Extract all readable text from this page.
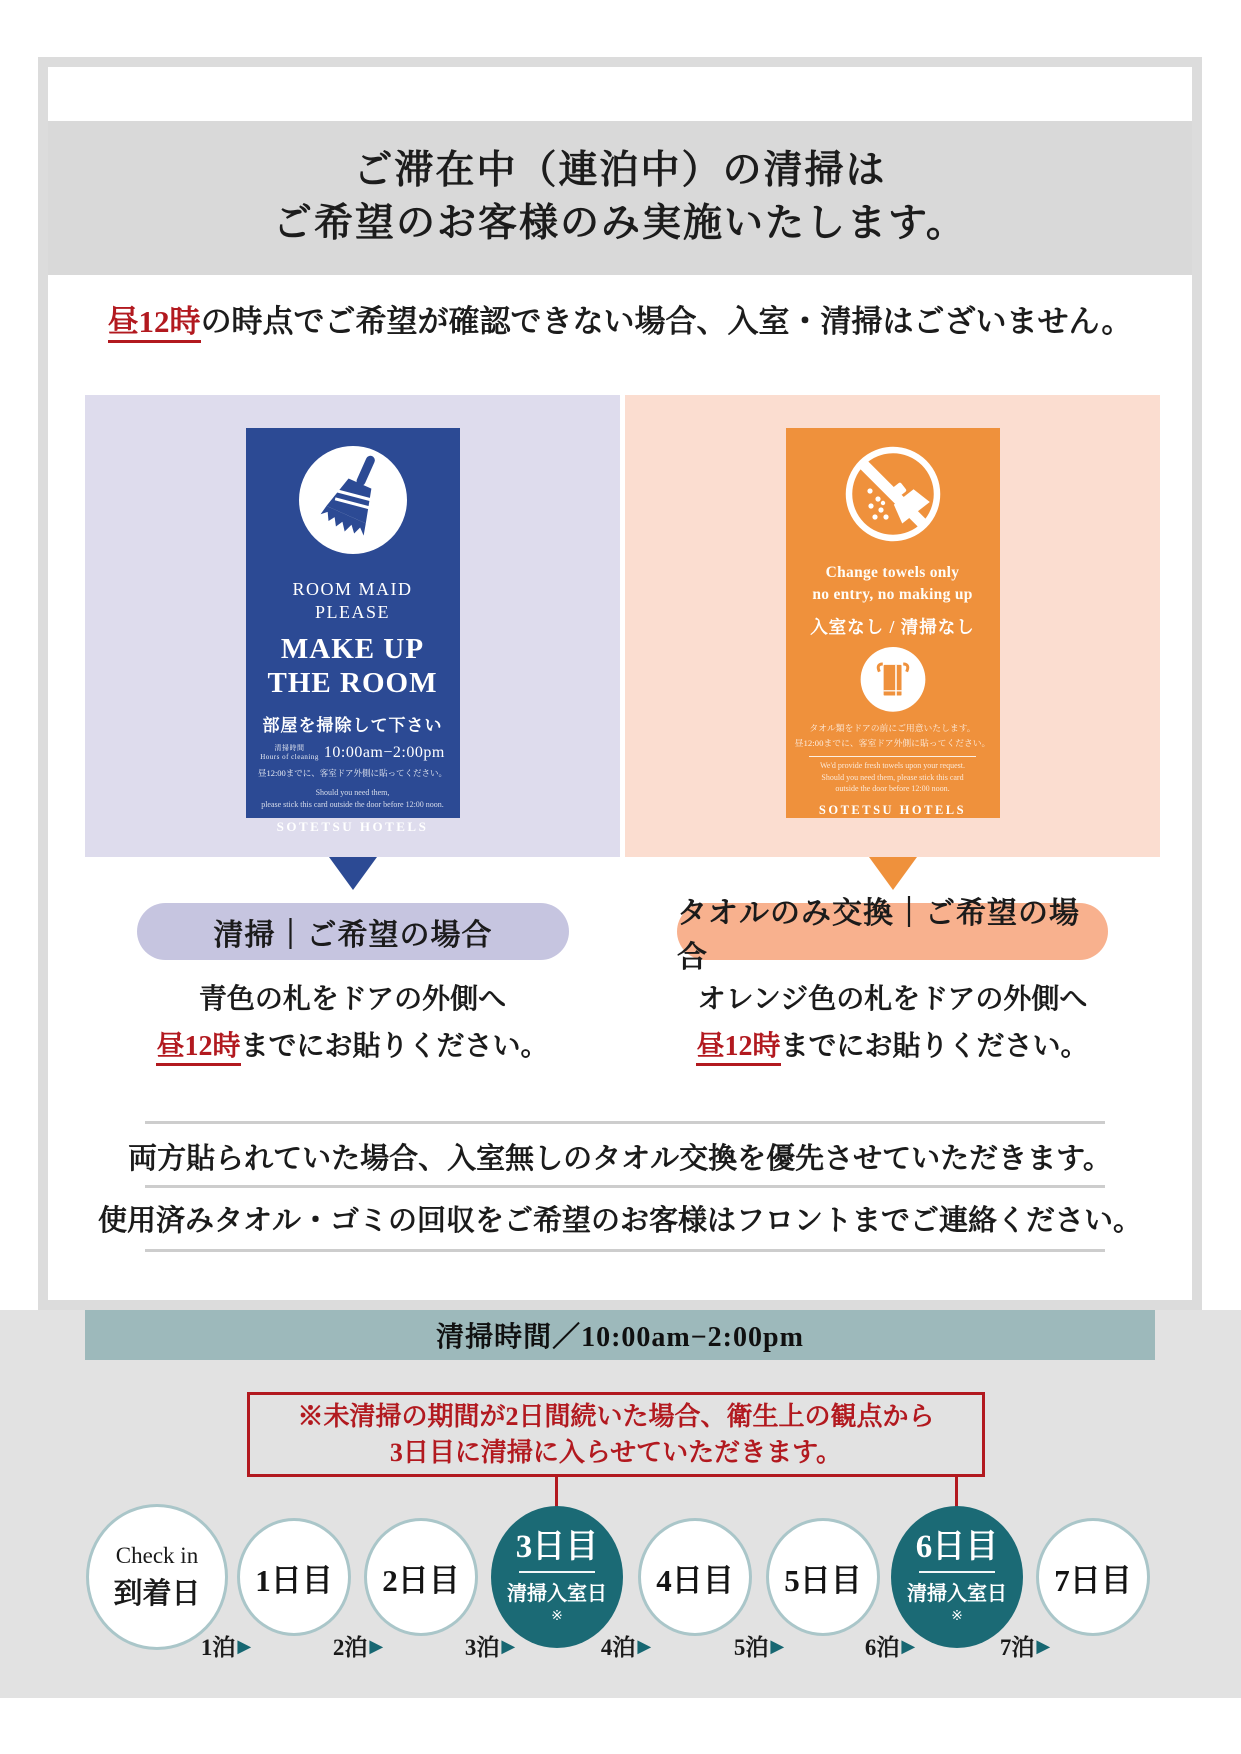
ご滞在中（連泊中）の清掃は
ご希望のお客様のみ実施いたします。
昼12時の時点でご希望が確認できない場合、入室・清掃はございません。
ROOM MAID
PLEASE
MAKE UP
THE ROOM
部屋を掃除して下さい
清掃時間
Hours of cleaning 10:00am−2:00pm
昼12:00までに、客室ドア外側に貼ってください。
Should you need them,
please stick this card outside the door before 12:00 noon.
SOTETSU HOTELS
Change towels only
no entry, no making up
入室なし / 清掃なし
タオル類をドアの前にご用意いたします。
昼12:00までに、客室ドア外側に貼ってください。
We'd provide fresh towels upon your request.
Should you need them, please stick this card
outside the door before 12:00 noon.
SOTETSU HOTELS
清掃｜ご希望の場合
タオルのみ交換｜ご希望の場合
青色の札をドアの外側へ
昼12時までにお貼りください。
オレンジ色の札をドアの外側へ
昼12時までにお貼りください。
両方貼られていた場合、入室無しのタオル交換を優先させていただきます。
使用済みタオル・ゴミの回収をご希望のお客様はフロントまでご連絡ください。
清掃時間／10:00am−2:00pm
※未清掃の期間が2日間続いた場合、衛生上の観点から
3日目に清掃に入らせていただきます。
Check in
到着日 1日目 2日目
3日目
清掃入室日
※
4日目 5日目
6日目
清掃入室日
※
7日目
1泊 ▶	2泊 ▶	3泊 ▶	4泊 ▶	5泊 ▶	6泊 ▶	7泊 ▶
